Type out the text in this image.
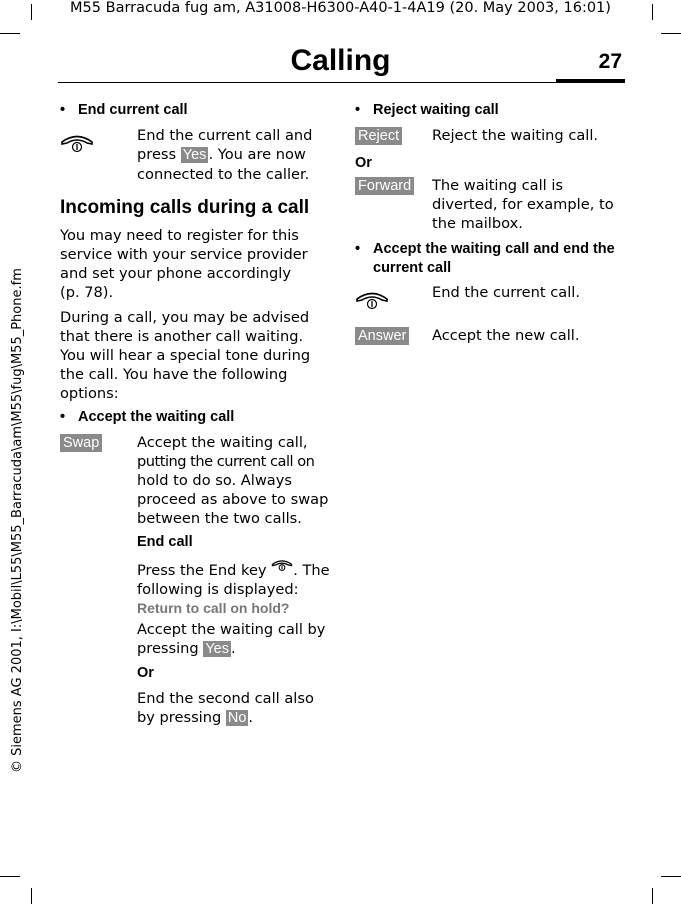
M55 Barracuda fug am, A31008-H6300-A40-1-4A19 (20. May 2003, 16:01)
Calling	27
© Siemens AG 2001, I:\Mobil\L55\M55_Barracuda\am\M55\fug\M55_Phone.fm
• End current call
End the current call and
press Yes . You are now
connected to the caller.
Incoming calls during a call
You may need to register for this
service with your service provider
and set your phone accordingly
(p. 78).
During a call, you may be advised
that there is another call waiting.
You will hear a special tone during
the call. You have the following
options:
• Accept the waiting call
Swap	Accept the waiting call,
putting the current call on
hold to do so. Always
proceed as above to swap
between the two calls.
End call
Press the End key . The
following is displayed:
Return to call on hold?
Accept the waiting call by
pressing Yes .
Or
End the second call also
by pressing No .
• Reject waiting call
Reject Reject the waiting call.
Or
Forward The waiting call is
diverted, for example, to
the mailbox.
• Accept the waiting call and end the
current call
End the current call.
Answer Accept the new call.
